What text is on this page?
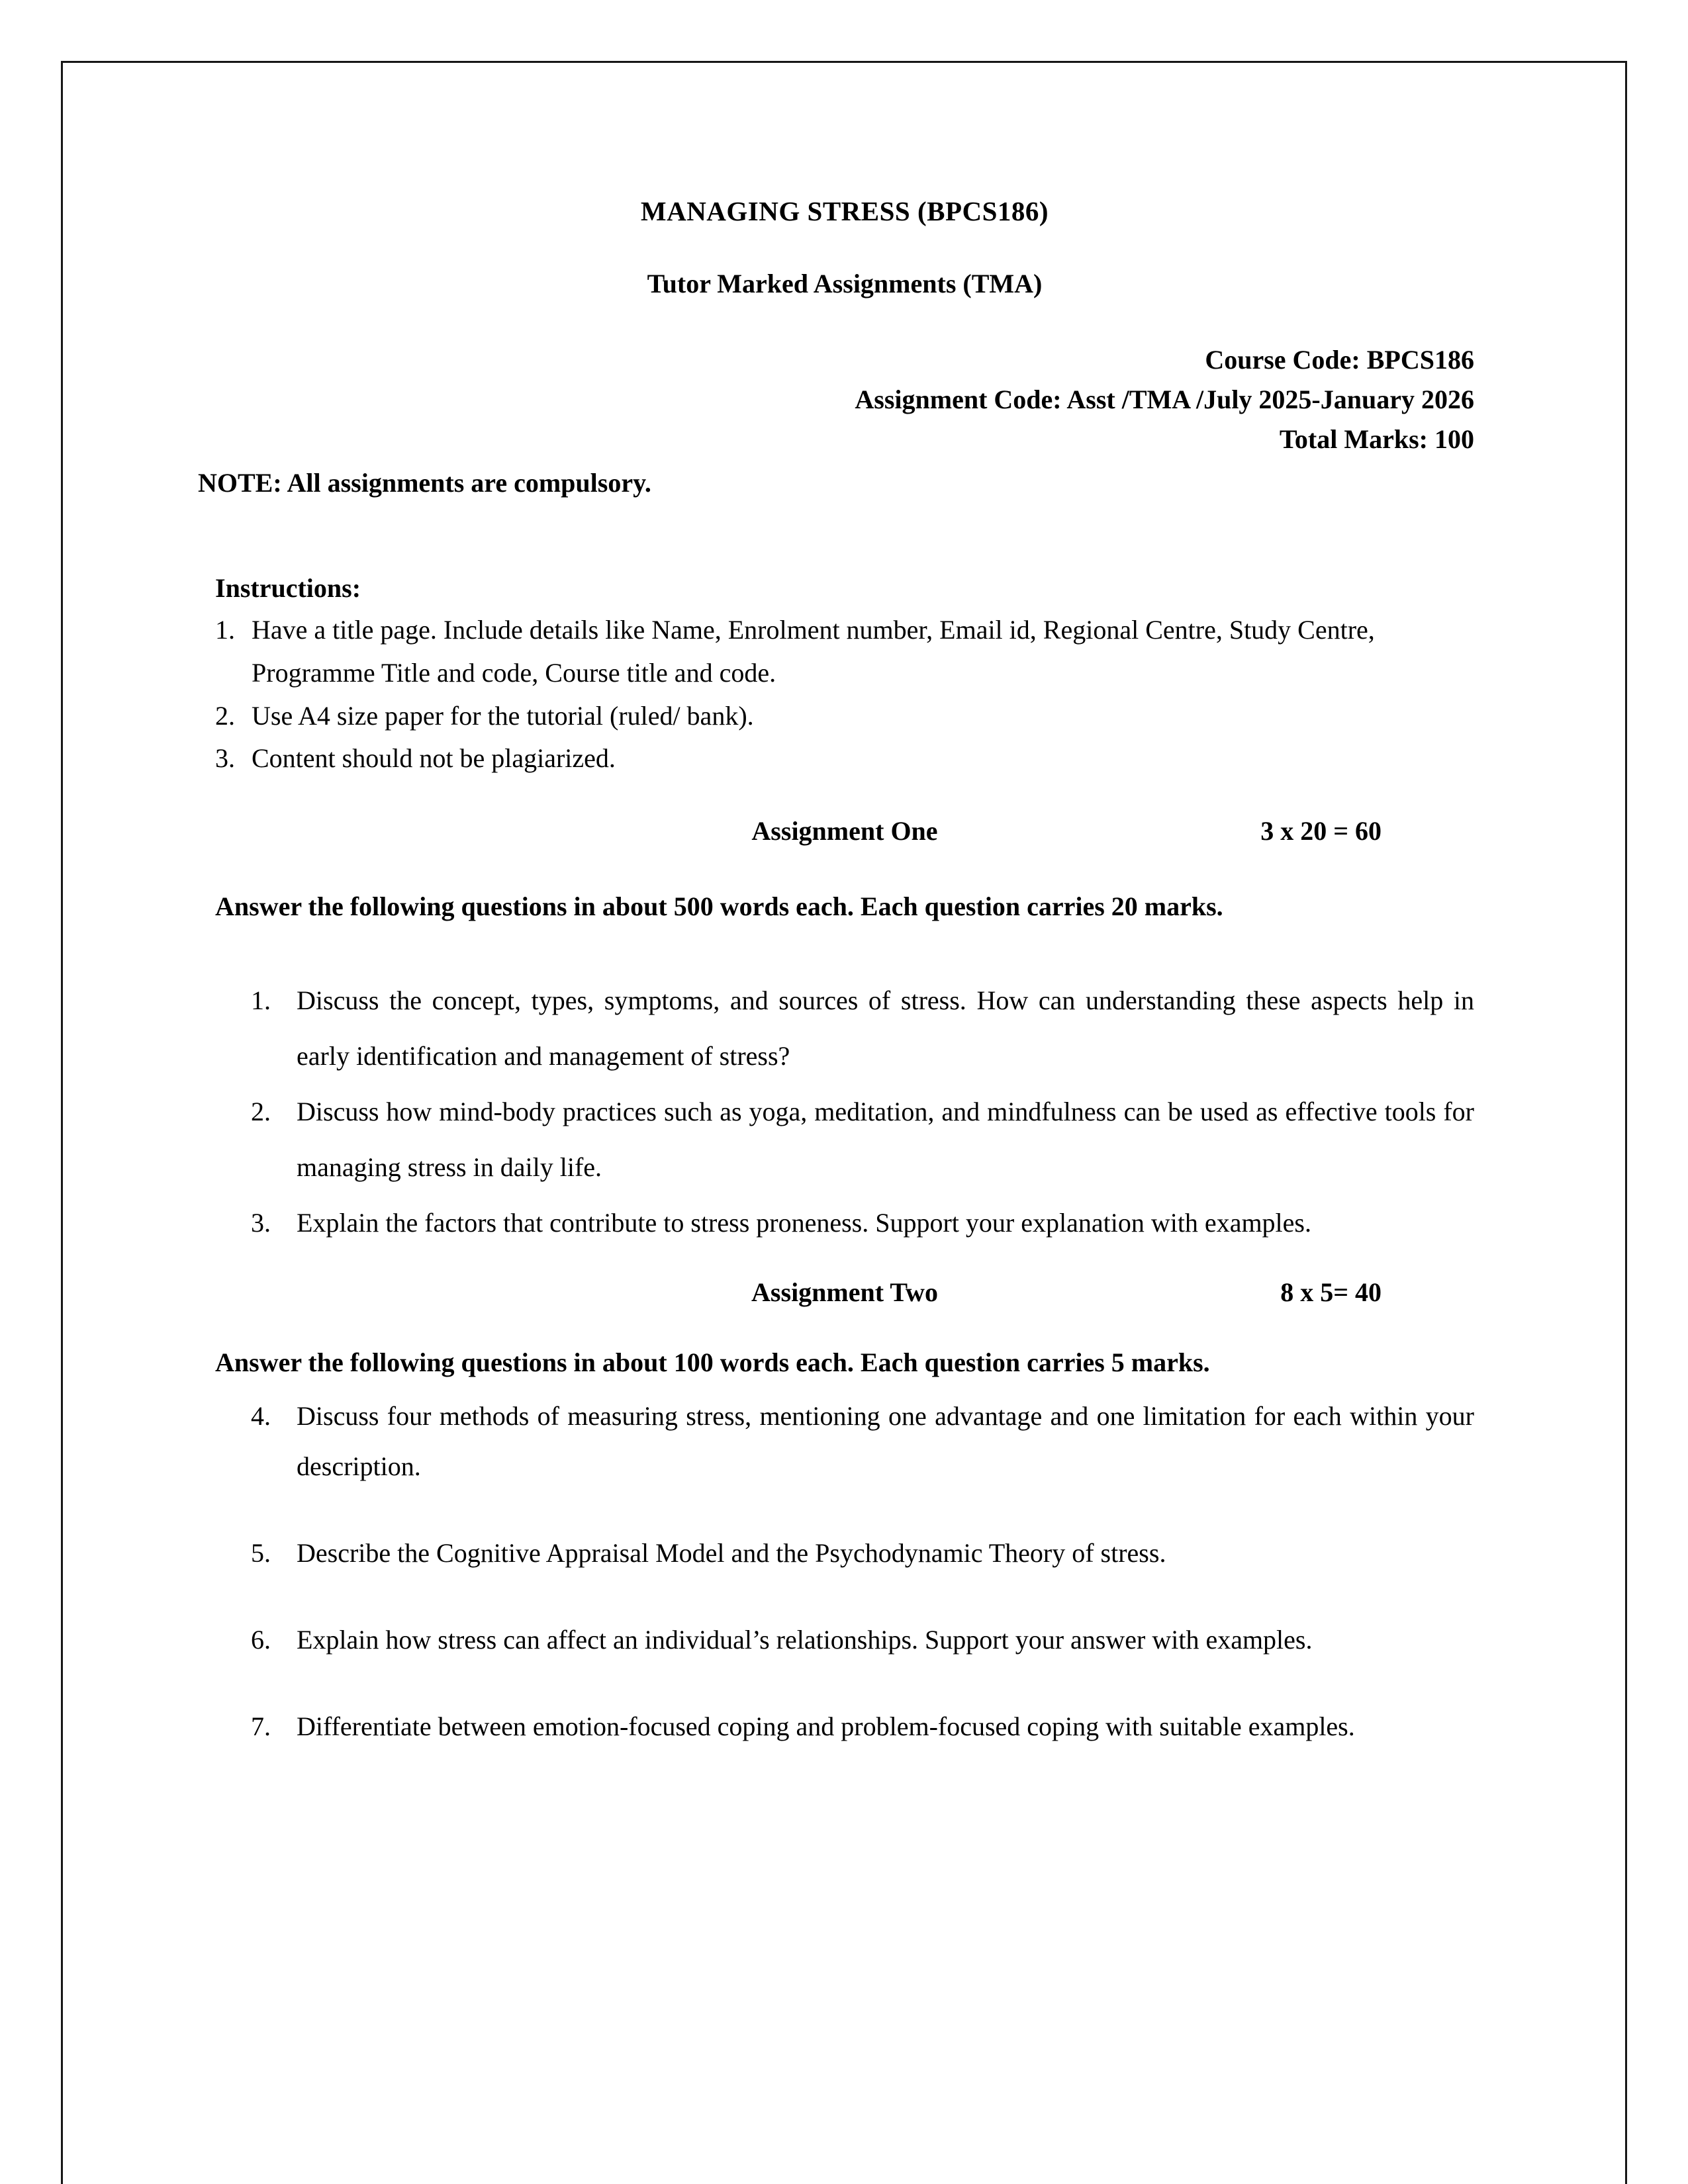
MANAGING STRESS (BPCS186)
Tutor Marked Assignments (TMA)
Course Code: BPCS186
Assignment Code: Asst /TMA /July 2025-January 2026
Total Marks: 100
NOTE: All assignments are compulsory.
Instructions:
1. Have a title page. Include details like Name, Enrolment number, Email id, Regional Centre, Study Centre, Programme Title and code, Course title and code.
2. Use A4 size paper for the tutorial (ruled/ bank).
3. Content should not be plagiarized.
Assignment One	3 x 20 = 60
Answer the following questions in about 500 words each. Each question carries 20 marks.
1. Discuss the concept, types, symptoms, and sources of stress. How can understanding these aspects help in early identification and management of stress?
2. Discuss how mind-body practices such as yoga, meditation, and mindfulness can be used as effective tools for managing stress in daily life.
3. Explain the factors that contribute to stress proneness. Support your explanation with examples.
Assignment Two	8 x 5= 40
Answer the following questions in about 100 words each. Each question carries 5 marks.
4. Discuss four methods of measuring stress, mentioning one advantage and one limitation for each within your description.
5. Describe the Cognitive Appraisal Model and the Psychodynamic Theory of stress.
6. Explain how stress can affect an individual’s relationships. Support your answer with examples.
7. Differentiate between emotion-focused coping and problem-focused coping with suitable examples.
